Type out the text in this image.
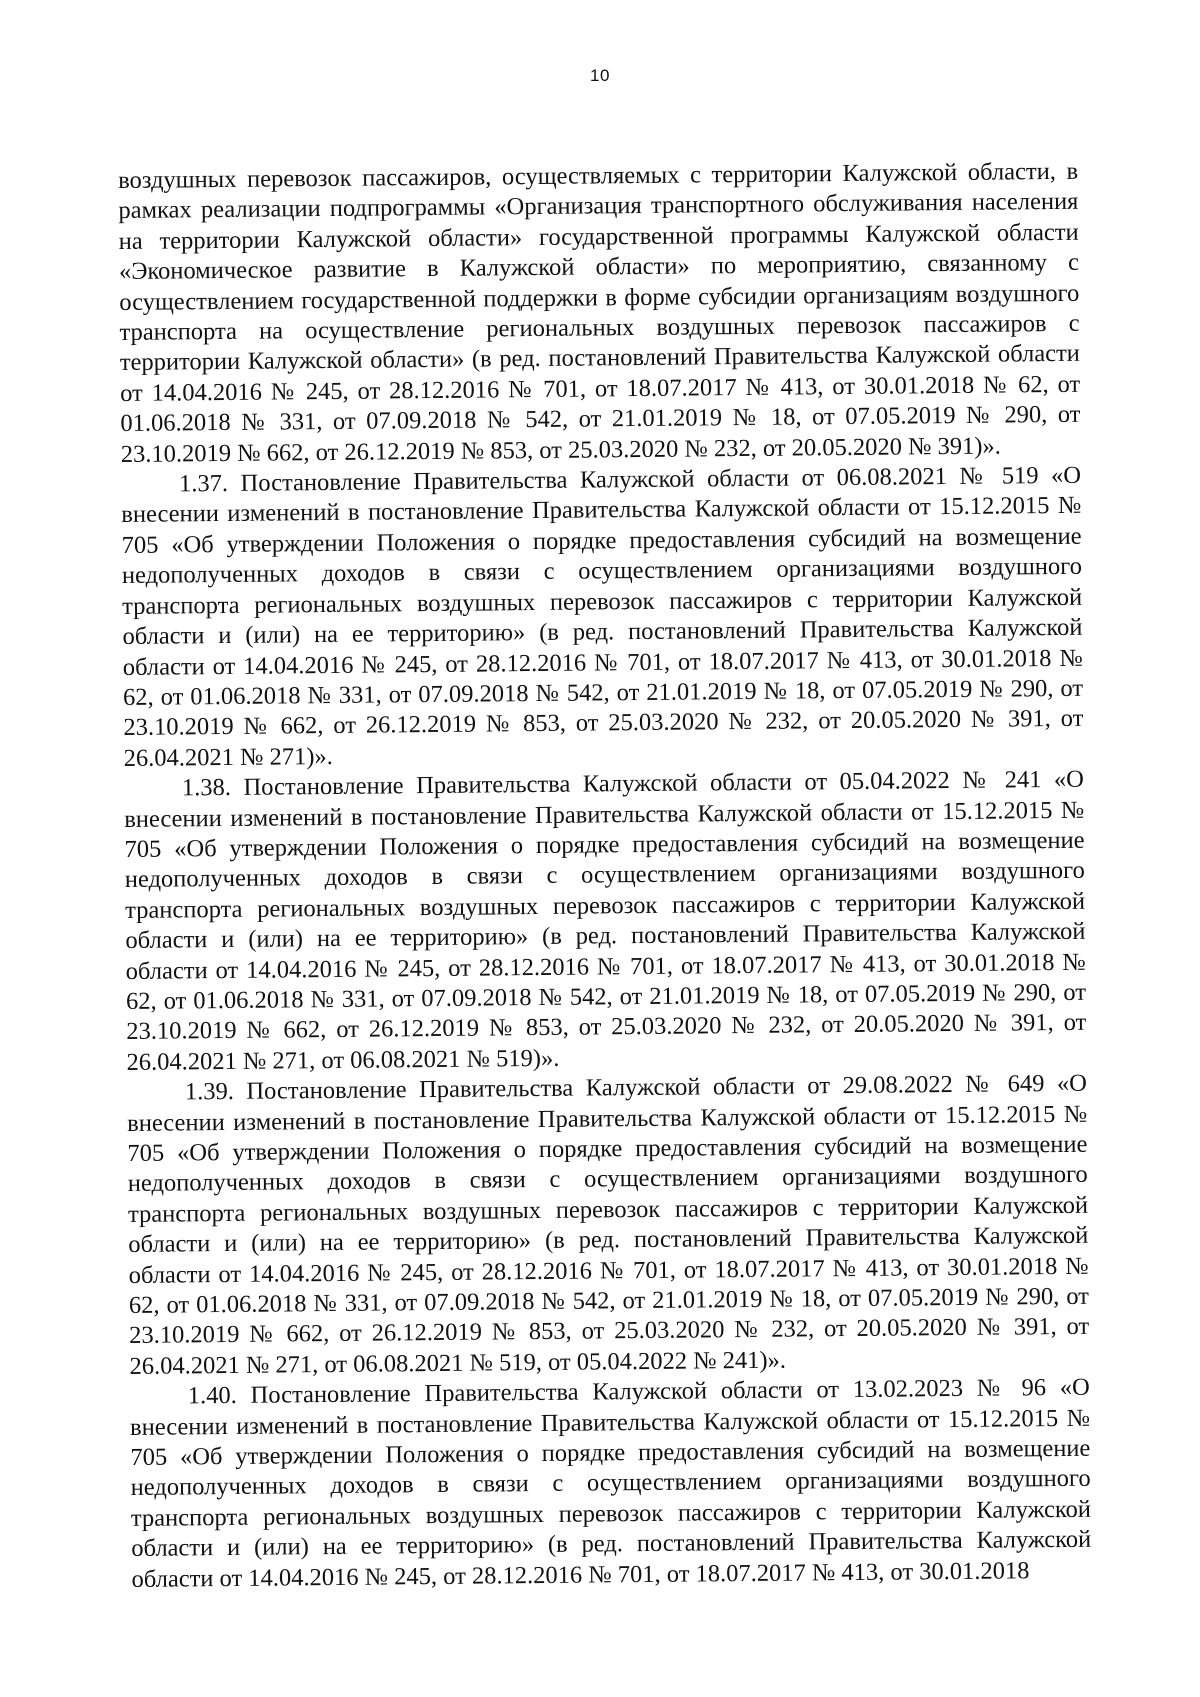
10

воздушных перевозок пассажиров, осуществляемых с территории Калужской области, в рамках реализации подпрограммы «Организация транспортного обслуживания населения на территории Калужской области» государственной программы Калужской области «Экономическое развитие в Калужской области» по мероприятию, связанному с осуществлением государственной поддержки в форме субсидии организациям воздушного транспорта на осуществление региональных воздушных перевозок пассажиров с территории Калужской области» (в ред. постановлений Правительства Калужской области от 14.04.2016 № 245, от 28.12.2016 № 701, от 18.07.2017 № 413, от 30.01.2018 № 62, от 01.06.2018 № 331, от 07.09.2018 № 542, от 21.01.2019 № 18, от 07.05.2019 № 290, от 23.10.2019 № 662, от 26.12.2019 № 853, от 25.03.2020 № 232, от 20.05.2020 № 391)».

1.37. Постановление Правительства Калужской области от 06.08.2021 № 519 «О внесении изменений в постановление Правительства Калужской области от 15.12.2015 № 705 «Об утверждении Положения о порядке предоставления субсидий на возмещение недополученных доходов в связи с осуществлением организациями воздушного транспорта региональных воздушных перевозок пассажиров с территории Калужской области и (или) на ее территорию» (в ред. постановлений Правительства Калужской области от 14.04.2016 № 245, от 28.12.2016 № 701, от 18.07.2017 № 413, от 30.01.2018 № 62, от 01.06.2018 № 331, от 07.09.2018 № 542, от 21.01.2019 № 18, от 07.05.2019 № 290, от 23.10.2019 № 662, от 26.12.2019 № 853, от 25.03.2020 № 232, от 20.05.2020 № 391, от 26.04.2021 № 271)».

1.38. Постановление Правительства Калужской области от 05.04.2022 № 241 «О внесении изменений в постановление Правительства Калужской области от 15.12.2015 № 705 «Об утверждении Положения о порядке предоставления субсидий на возмещение недополученных доходов в связи с осуществлением организациями воздушного транспорта региональных воздушных перевозок пассажиров с территории Калужской области и (или) на ее территорию» (в ред. постановлений Правительства Калужской области от 14.04.2016 № 245, от 28.12.2016 № 701, от 18.07.2017 № 413, от 30.01.2018 № 62, от 01.06.2018 № 331, от 07.09.2018 № 542, от 21.01.2019 № 18, от 07.05.2019 № 290, от 23.10.2019 № 662, от 26.12.2019 № 853, от 25.03.2020 № 232, от 20.05.2020 № 391, от 26.04.2021 № 271, от 06.08.2021 № 519)».

1.39. Постановление Правительства Калужской области от 29.08.2022 № 649 «О внесении изменений в постановление Правительства Калужской области от 15.12.2015 № 705 «Об утверждении Положения о порядке предоставления субсидий на возмещение недополученных доходов в связи с осуществлением организациями воздушного транспорта региональных воздушных перевозок пассажиров с территории Калужской области и (или) на ее территорию» (в ред. постановлений Правительства Калужской области от 14.04.2016 № 245, от 28.12.2016 № 701, от 18.07.2017 № 413, от 30.01.2018 № 62, от 01.06.2018 № 331, от 07.09.2018 № 542, от 21.01.2019 № 18, от 07.05.2019 № 290, от 23.10.2019 № 662, от 26.12.2019 № 853, от 25.03.2020 № 232, от 20.05.2020 № 391, от 26.04.2021 № 271, от 06.08.2021 № 519, от 05.04.2022 № 241)».

1.40. Постановление Правительства Калужской области от 13.02.2023 № 96 «О внесении изменений в постановление Правительства Калужской области от 15.12.2015 № 705 «Об утверждении Положения о порядке предоставления субсидий на возмещение недополученных доходов в связи с осуществлением организациями воздушного транспорта региональных воздушных перевозок пассажиров с территории Калужской области и (или) на ее территорию» (в ред. постановлений Правительства Калужской области от 14.04.2016 № 245, от 28.12.2016 № 701, от 18.07.2017 № 413, от 30.01.2018
